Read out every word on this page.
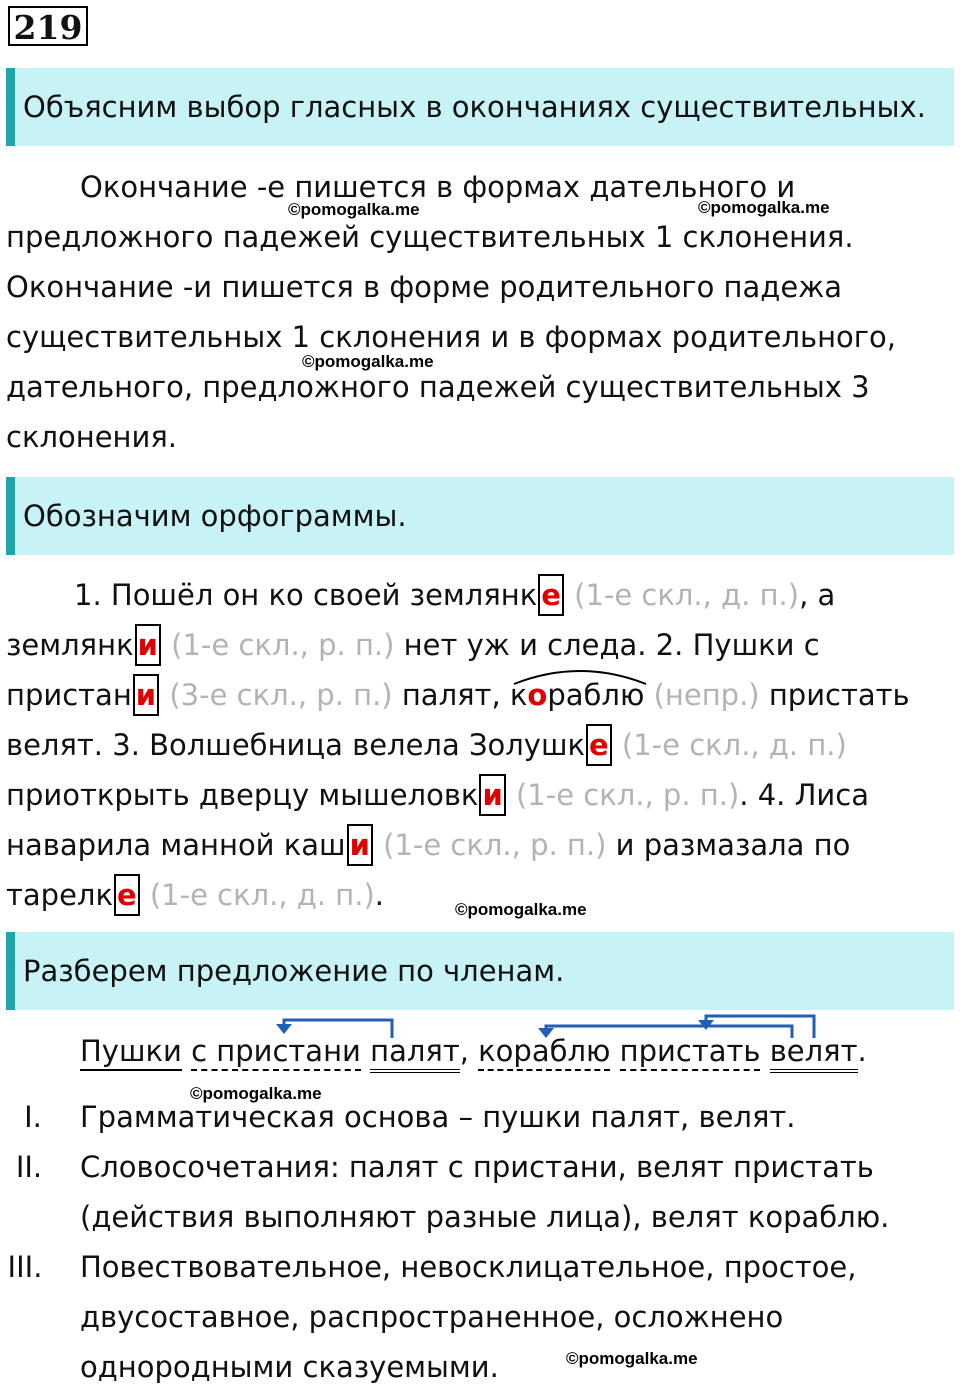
219
Объясним выбор гласных в окончаниях существительных.
Окончание -е пишется в формах дательного и
предложного падежей существительных 1 склонения.
Окончание -и пишется в форме родительного падежа
существительных 1 склонения и в формах родительного,
дательного, предложного падежей существительных 3
склонения.
Обозначим орфограммы.
1. Пошёл он ко своей землянк е (1-е скл., д. п.), а
землянк и (1-е скл., р. п.) нет уж и следа. 2. Пушки с
пристан и (3-е скл., р. п.) палят,
кораблю (непр.) пристать
велят. 3. Волшебница велела Золушк е (1-е скл., д. п.)
приоткрыть дверцу мышеловк и (1-е скл., р. п.). 4. Лиса
наварила манной каш и (1-е скл., р. п.) и размазала по
тарелк е (1-е скл., д. п.).
Разберем предложение по членам.
Пушки с пристани палят, кораблю пристать велят.
I.	Грамматическая основа – пушки палят, велят.
II.	Словосочетания: палят с пристани, велят пристать
(действия выполняют разные лица), велят кораблю.
III. Повествовательное, невосклицательное, простое,
двусоставное, распространенное, осложнено
однородными сказуемыми.
©pomogalka.me	©pomogalka.me
©pomogalka.me
©pomogalka.me
©pomogalka.me
©pomogalka.me
